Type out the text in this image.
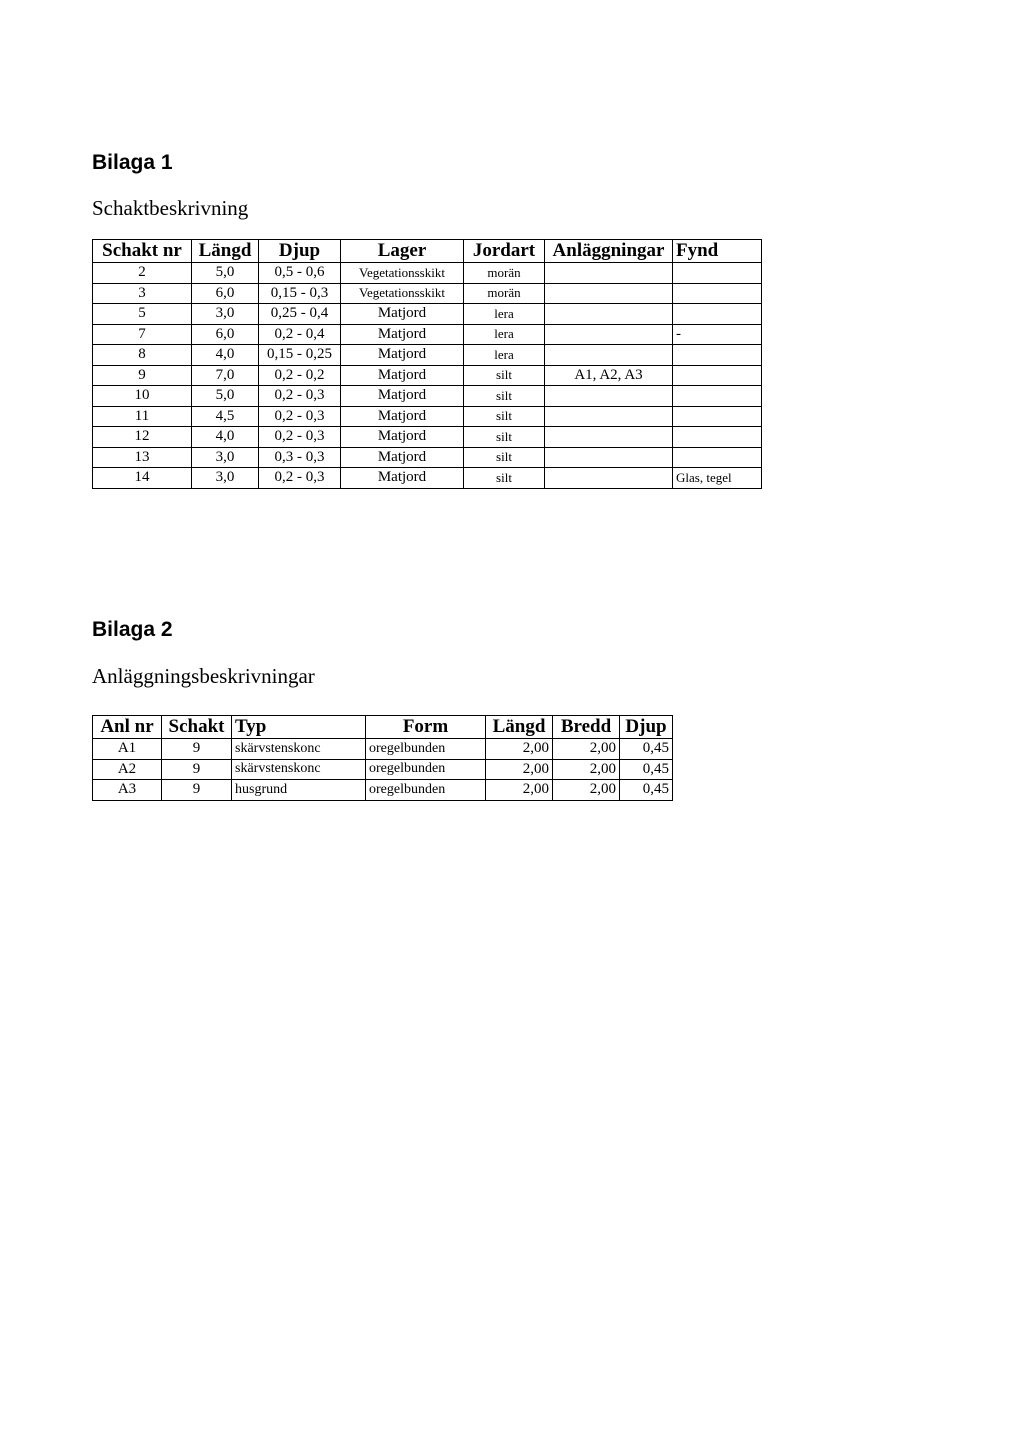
Bilaga 1

Schaktbeskrivning

Schakt nr	Längd	Djup	Lager	Jordart	Anläggningar	Fynd
2	5,0	0,5 - 0,6	Vegetationsskikt	morän		
3	6,0	0,15 - 0,3	Vegetationsskikt	morän		
5	3,0	0,25 - 0,4	Matjord	lera		
7	6,0	0,2 - 0,4	Matjord	lera		-
8	4,0	0,15 - 0,25	Matjord	lera		
9	7,0	0,2 - 0,2	Matjord	silt	A1, A2, A3	
10	5,0	0,2 - 0,3	Matjord	silt		
11	4,5	0,2 - 0,3	Matjord	silt		
12	4,0	0,2 - 0,3	Matjord	silt		
13	3,0	0,3 - 0,3	Matjord	silt		
14	3,0	0,2 - 0,3	Matjord	silt		Glas, tegel
Bilaga 2

Anläggningsbeskrivningar

Anl nr	Schakt	Typ	Form	Längd	Bredd	Djup
A1	9	skärvstenskonc	oregelbunden	2,00	2,00	0,45
A2	9	skärvstenskonc	oregelbunden	2,00	2,00	0,45
A3	9	husgrund	oregelbunden	2,00	2,00	0,45
